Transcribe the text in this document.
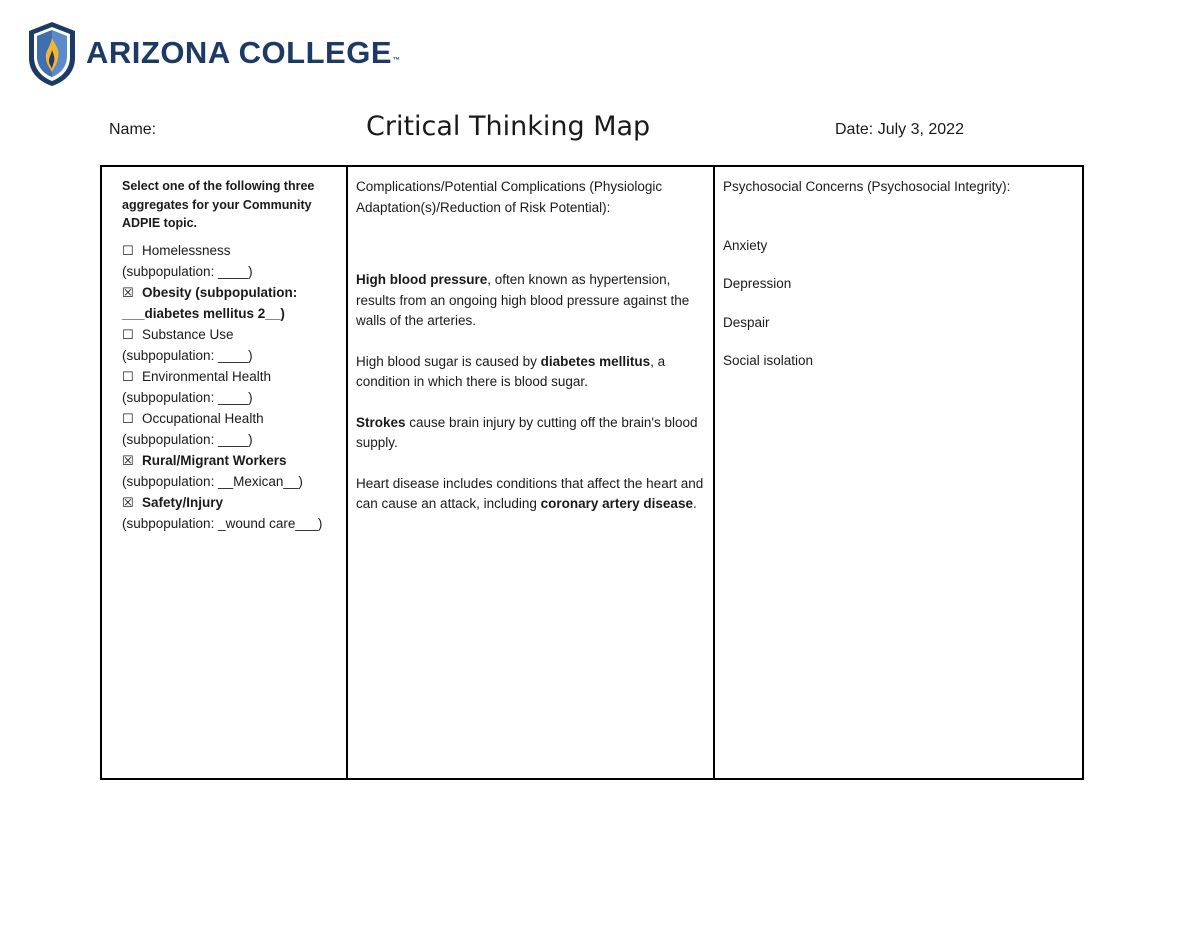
ARIZONA COLLEGE™
Name:	Critical Thinking Map	Date: July 3, 2022
Select one of the following three aggregates for your Community ADPIE topic.
☐ Homelessness
(subpopulation: ____)
☒ Obesity (subpopulation:
___diabetes mellitus 2__)
☐ Substance Use
(subpopulation: ____)
☐ Environmental Health
(subpopulation: ____)
☐ Occupational Health
(subpopulation: ____)
☒ Rural/Migrant Workers
(subpopulation: __Mexican__)
☒ Safety/Injury
(subpopulation: _wound care___)
Complications/Potential Complications (Physiologic Adaptation(s)/Reduction of Risk Potential):

High blood pressure, often known as hypertension, results from an ongoing high blood pressure against the walls of the arteries.

High blood sugar is caused by diabetes mellitus, a condition in which there is blood sugar.

Strokes cause brain injury by cutting off the brain's blood supply.

Heart disease includes conditions that affect the heart and can cause an attack, including coronary artery disease.

Psychosocial Concerns (Psychosocial Integrity):

Anxiety

Depression

Despair

Social isolation
